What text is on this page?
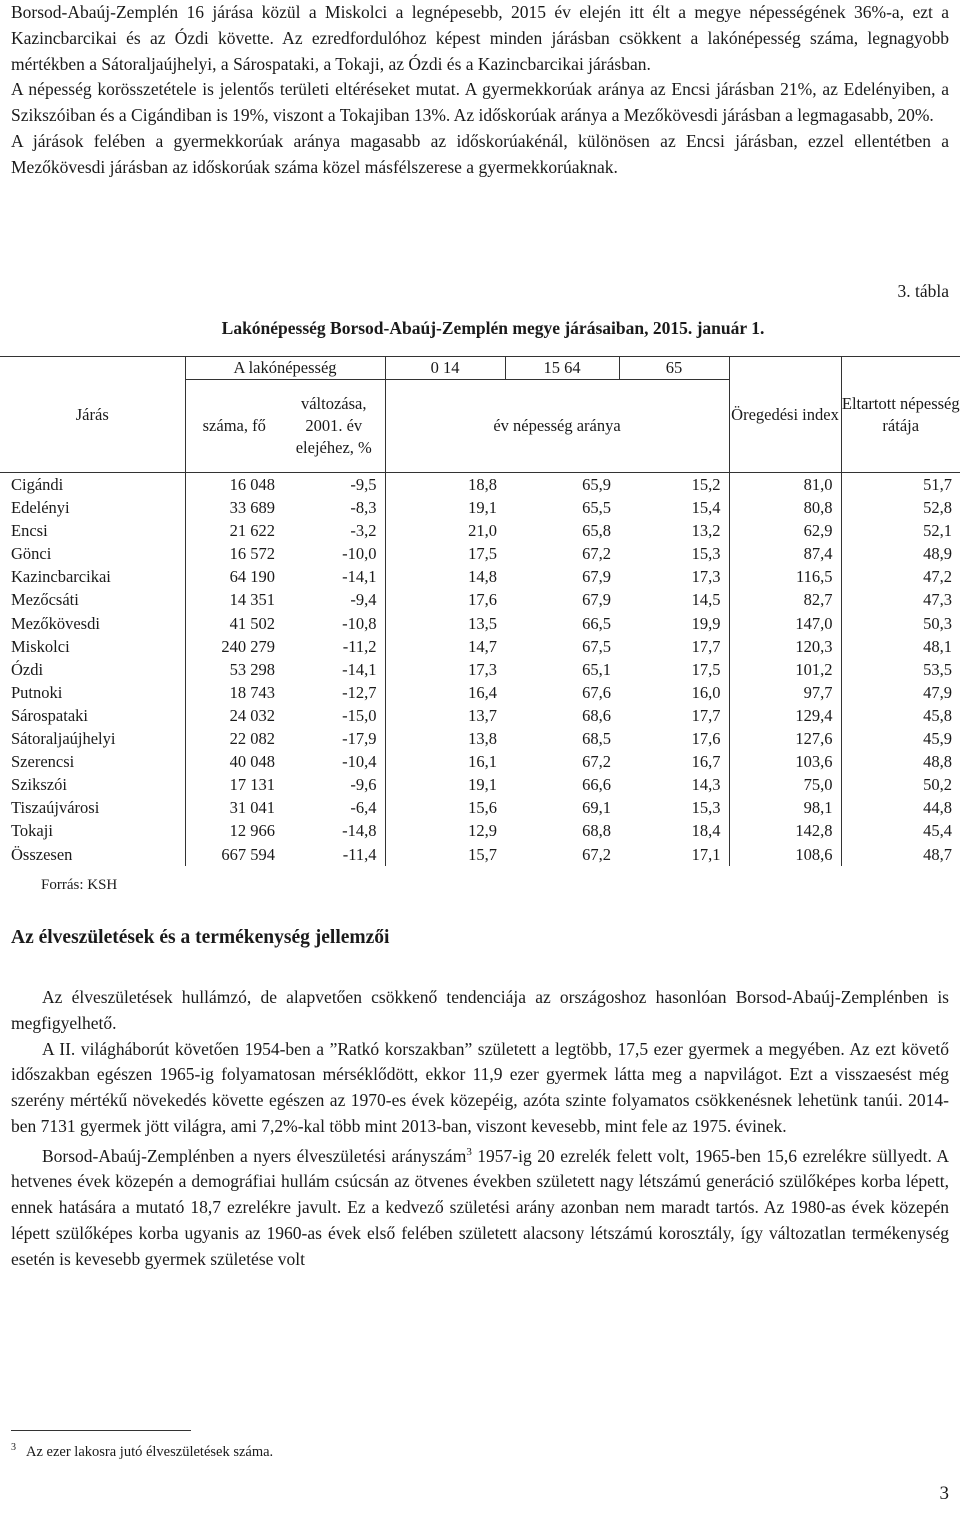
Borsod-Abaúj-Zemplén 16 járása közül a Miskolci a legnépesebb, 2015 év elején itt élt a megye népességének 36%-a, ezt a Kazincbarcikai és az Ózdi követte. Az ezredfordulóhoz képest minden járásban csökkent a lakónépesség száma, legnagyobb mértékben a Sátoraljaújhelyi, a Sárospataki, a Tokaji, az Ózdi és a Kazincbarcikai járásban.

A népesség korösszetétele is jelentős területi eltéréseket mutat. A gyermekkorúak aránya az Encsi járásban 21%, az Edelényiben, a Szikszóiban és a Cigándiban is 19%, viszont a Tokajiban 13%. Az időskorúak aránya a Mezőkövesdi járásban a legmagasabb, 20%.

A járások felében a gyermekkorúak aránya magasabb az időskorúakénál, különösen az Encsi járásban, ezzel ellentétben a Mezőkövesdi járásban az időskorúak száma közel másfélszerese a gyermekkorúaknak.

3. tábla
Lakónépesség Borsod-Abaúj-Zemplén megye járásaiban, 2015. január 1.
Járás	A lakónépesség		0 14	15 64	65	Öregedési index	Eltartott népesség rátája
	száma, fő	változása, 2001. év elejéhez, %	év népesség aránya				
Cigándi	16 048	-9,5	18,8	65,9	15,2	81,0	51,7
Edelényi	33 689	-8,3	19,1	65,5	15,4	80,8	52,8
Encsi	21 622	-3,2	21,0	65,8	13,2	62,9	52,1
Gönci	16 572	-10,0	17,5	67,2	15,3	87,4	48,9
Kazincbarcikai	64 190	-14,1	14,8	67,9	17,3	116,5	47,2
Mezőcsáti	14 351	-9,4	17,6	67,9	14,5	82,7	47,3
Mezőkövesdi	41 502	-10,8	13,5	66,5	19,9	147,0	50,3
Miskolci	240 279	-11,2	14,7	67,5	17,7	120,3	48,1
Ózdi	53 298	-14,1	17,3	65,1	17,5	101,2	53,5
Putnoki	18 743	-12,7	16,4	67,6	16,0	97,7	47,9
Sárospataki	24 032	-15,0	13,7	68,6	17,7	129,4	45,8
Sátoraljaújhelyi	22 082	-17,9	13,8	68,5	17,6	127,6	45,9
Szerencsi	40 048	-10,4	16,1	67,2	16,7	103,6	48,8
Szikszói	17 131	-9,6	19,1	66,6	14,3	75,0	50,2
Tiszaújvárosi	31 041	-6,4	15,6	69,1	15,3	98,1	44,8
Tokaji	12 966	-14,8	12,9	68,8	18,4	142,8	45,4
Összesen	667 594	-11,4	15,7	67,2	17,1	108,6	48,7
Forrás: KSH
Az élveszületések és a termékenység jellemzői

Az élveszületések hullámzó, de alapvetően csökkenő tendenciája az országoshoz hasonlóan Borsod-Abaúj-Zemplénben is megfigyelhető.

A II. világháborút követően 1954-ben a ”Ratkó korszakban” született a legtöbb, 17,5 ezer gyermek a megyében. Az ezt követő időszakban egészen 1965-ig folyamatosan mérséklődött, ekkor 11,9 ezer gyermek látta meg a napvilágot. Ezt a visszaesést még szerény mértékű növekedés követte egészen az 1970-es évek közepéig, azóta szinte folyamatos csökkenésnek lehetünk tanúi. 2014-ben 7131 gyermek jött világra, ami 7,2%-kal több mint 2013-ban, viszont kevesebb, mint fele az 1975. évinek.

Borsod-Abaúj-Zemplénben a nyers élveszületési arányszám$^3$ 1957-ig 20 ezrelék felett volt, 1965-ben 15,6 ezrelékre süllyedt. A hetvenes évek közepén a demográfiai hullám csúcsán az ötvenes években született nagy létszámú generáció szülőképes korba lépett, ennek hatására a mutató 18,7 ezrelékre javult. Ez a kedvező születési arány azonban nem maradt tartós. Az 1980-as évek közepén lépett szülőképes korba ugyanis az 1960-as évek első felében született alacsony létszámú korosztály, így változatlan termékenység esetén is kevesebb gyermek születése volt

$^3$ Az ezer lakosra jutó élveszületések száma.
3
